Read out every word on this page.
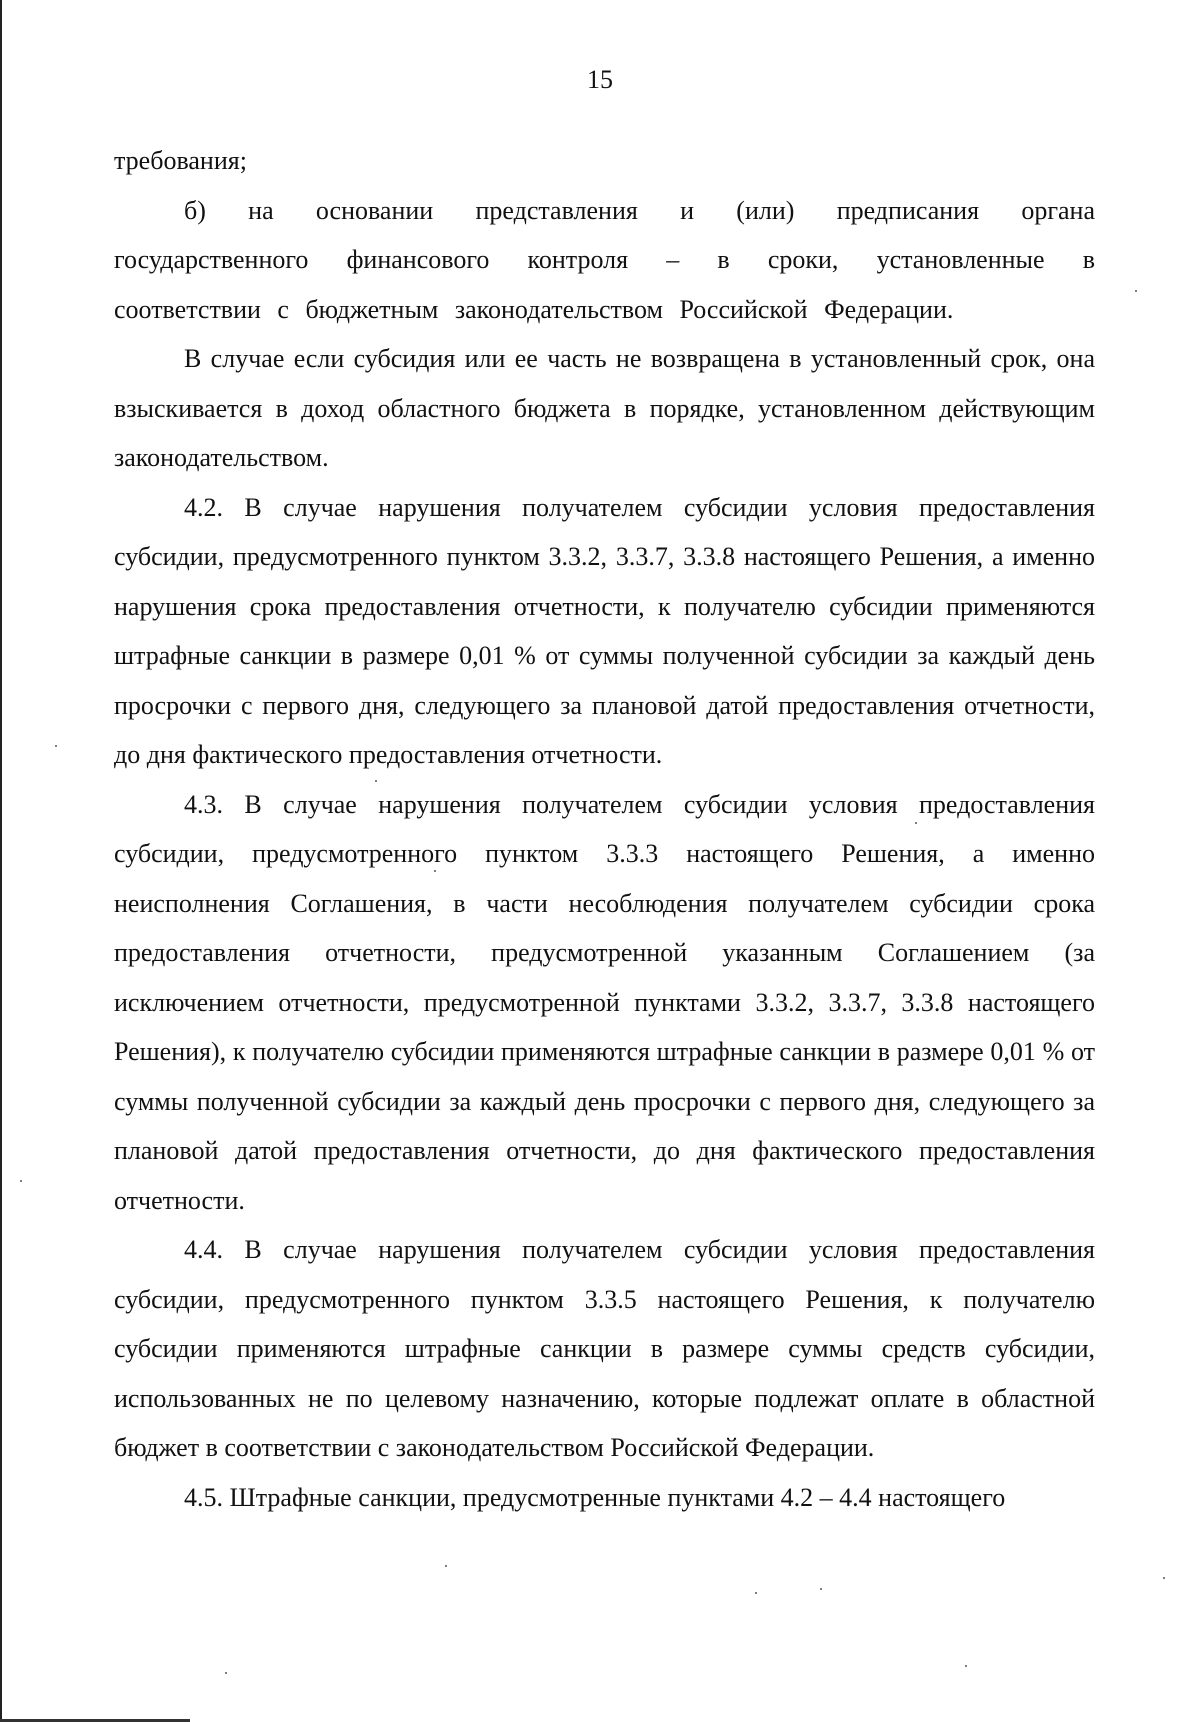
15

требования;

б) на основании представления и (или) предписания органа государственного финансового контроля – в сроки, установленные в соответствии с бюджетным законодательством Российской Федерации.

В случае если субсидия или ее часть не возвращена в установленный срок, она взыскивается в доход областного бюджета в порядке, установленном действующим законодательством.

4.2. В случае нарушения получателем субсидии условия предоставления субсидии, предусмотренного пунктом 3.3.2, 3.3.7, 3.3.8 настоящего Решения, а именно нарушения срока предоставления отчетности, к получателю субсидии применяются штрафные санкции в размере 0,01 % от суммы полученной субсидии за каждый день просрочки с первого дня, следующего за плановой датой предоставления отчетности, до дня фактического предоставления отчетности.

4.3. В случае нарушения получателем субсидии условия предоставления субсидии, предусмотренного пунктом 3.3.3 настоящего Решения, а именно неисполнения Соглашения, в части несоблюдения получателем субсидии срока предоставления отчетности, предусмотренной указанным Соглашением (за исключением отчетности, предусмотренной пунктами 3.3.2, 3.3.7, 3.3.8 настоящего Решения), к получателю субсидии применяются штрафные санкции в размере 0,01 % от суммы полученной субсидии за каждый день просрочки с первого дня, следующего за плановой датой предоставления отчетности, до дня фактического предоставления отчетности.

4.4. В случае нарушения получателем субсидии условия предоставления субсидии, предусмотренного пунктом 3.3.5 настоящего Решения, к получателю субсидии применяются штрафные санкции в размере суммы средств субсидии, использованных не по целевому назначению, которые подлежат оплате в областной бюджет в соответствии с законодательством Российской Федерации.

4.5. Штрафные санкции, предусмотренные пунктами 4.2 – 4.4 настоящего
